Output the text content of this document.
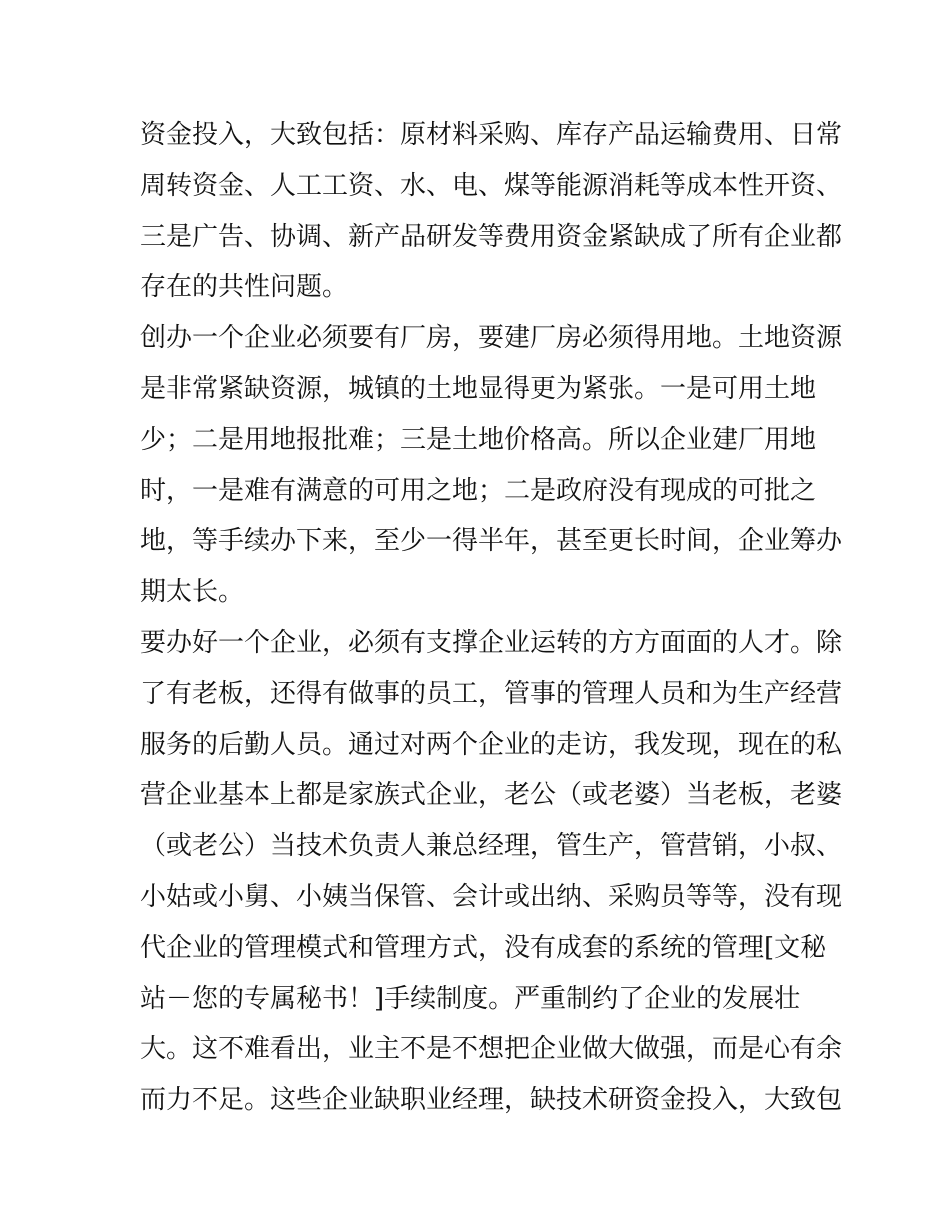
资金投入，大致包括：原材料采购、库存产品运输费用、日常
周转资金、人工工资、水、电、煤等能源消耗等成本性开资、
三是广告、协调、新产品研发等费用资金紧缺成了所有企业都
存在的共性问题。
创办一个企业必须要有厂房，要建厂房必须得用地。土地资源
是非常紧缺资源，城镇的土地显得更为紧张。一是可用土地
少；二是用地报批难；三是土地价格高。所以企业建厂用地
时，一是难有满意的可用之地；二是政府没有现成的可批之
地，等手续办下来，至少一得半年，甚至更长时间，企业筹办
期太长。
要办好一个企业，必须有支撑企业运转的方方面面的人才。除
了有老板，还得有做事的员工，管事的管理人员和为生产经营
服务的后勤人员。通过对两个企业的走访，我发现，现在的私
营企业基本上都是家族式企业，老公（或老婆）当老板，老婆
（或老公）当技术负责人兼总经理，管生产，管营销，小叔、
小姑或小舅、小姨当保管、会计或出纳、采购员等等，没有现
代企业的管理模式和管理方式，没有成套的系统的管理[文秘
站－您的专属秘书！]手续制度。严重制约了企业的发展壮
大。这不难看出，业主不是不想把企业做大做强，而是心有余
而力不足。这些企业缺职业经理，缺技术研资金投入，大致包
